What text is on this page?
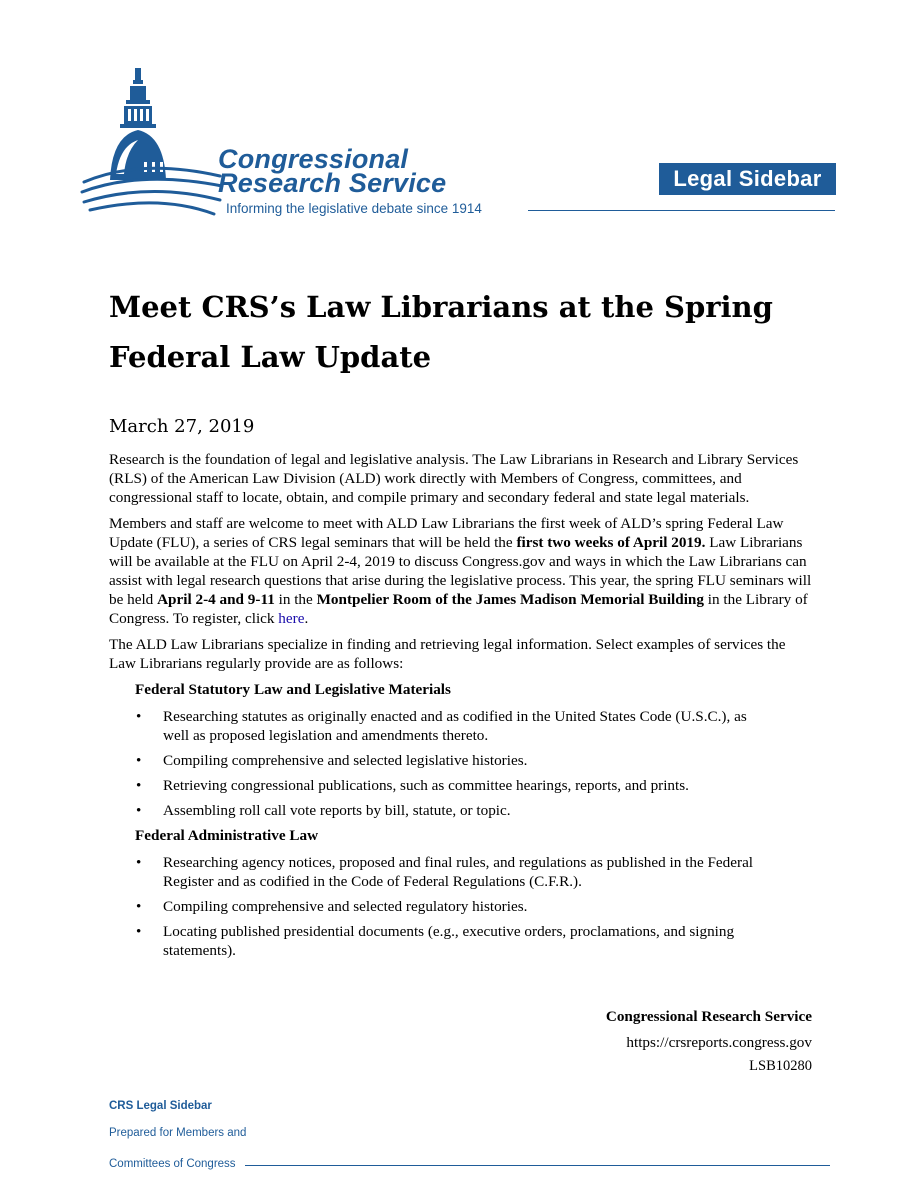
Congressional
Research Service
Informing the legislative debate since 1914
Legal Sidebar
Meet CRS’s Law Librarians at the Spring Federal Law Update

March 27, 2019

Research is the foundation of legal and legislative analysis. The Law Librarians in Research and Library Services (RLS) of the American Law Division (ALD) work directly with Members of Congress, committees, and congressional staff to locate, obtain, and compile primary and secondary federal and state legal materials.

Members and staff are welcome to meet with ALD Law Librarians the first week of ALD’s spring Federal Law Update (FLU), a series of CRS legal seminars that will be held the first two weeks of April 2019. Law Librarians will be available at the FLU on April 2-4, 2019 to discuss Congress.gov and ways in which the Law Librarians can assist with legal research questions that arise during the legislative process. This year, the spring FLU seminars will be held April 2-4 and 9-11 in the Montpelier Room of the James Madison Memorial Building in the Library of Congress. To register, click here.

The ALD Law Librarians specialize in finding and retrieving legal information. Select examples of services the Law Librarians regularly provide are as follows:

Federal Statutory Law and Legislative Materials
• Researching statutes as originally enacted and as codified in the United States Code (U.S.C.), as well as proposed legislation and amendments thereto.
• Compiling comprehensive and selected legislative histories.
• Retrieving congressional publications, such as committee hearings, reports, and prints.
• Assembling roll call vote reports by bill, statute, or topic.
Federal Administrative Law
• Researching agency notices, proposed and final rules, and regulations as published in the Federal Register and as codified in the Code of Federal Regulations (C.F.R.).
• Compiling comprehensive and selected regulatory histories.
• Locating published presidential documents (e.g., executive orders, proclamations, and signing statements).
Congressional Research Service
https://crsreports.congress.gov
LSB10280
CRS Legal Sidebar
Prepared for Members and
Committees of Congress
